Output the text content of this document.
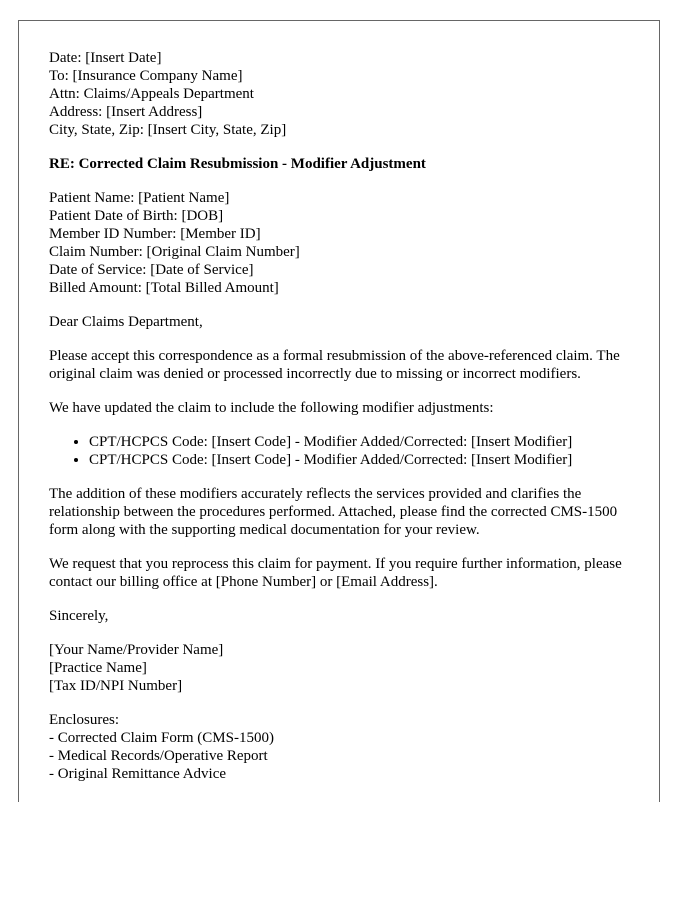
Date: [Insert Date]
To: [Insurance Company Name]
Attn: Claims/Appeals Department
Address: [Insert Address]
City, State, Zip: [Insert City, State, Zip]
RE: Corrected Claim Resubmission - Modifier Adjustment
Patient Name: [Patient Name]
Patient Date of Birth: [DOB]
Member ID Number: [Member ID]
Claim Number: [Original Claim Number]
Date of Service: [Date of Service]
Billed Amount: [Total Billed Amount]

Dear Claims Department,

Please accept this correspondence as a formal resubmission of the above-referenced claim. The original claim was denied or processed incorrectly due to missing or incorrect modifiers.

We have updated the claim to include the following modifier adjustments:

• CPT/HCPCS Code: [Insert Code] - Modifier Added/Corrected: [Insert Modifier]
• CPT/HCPCS Code: [Insert Code] - Modifier Added/Corrected: [Insert Modifier]

The addition of these modifiers accurately reflects the services provided and clarifies the relationship between the procedures performed. Attached, please find the corrected CMS-1500 form along with the supporting medical documentation for your review.

We request that you reprocess this claim for payment. If you require further information, please contact our billing office at [Phone Number] or [Email Address].

Sincerely,

[Your Name/Provider Name]
[Practice Name]
[Tax ID/NPI Number]
Enclosures:
- Corrected Claim Form (CMS-1500)
- Medical Records/Operative Report
- Original Remittance Advice
